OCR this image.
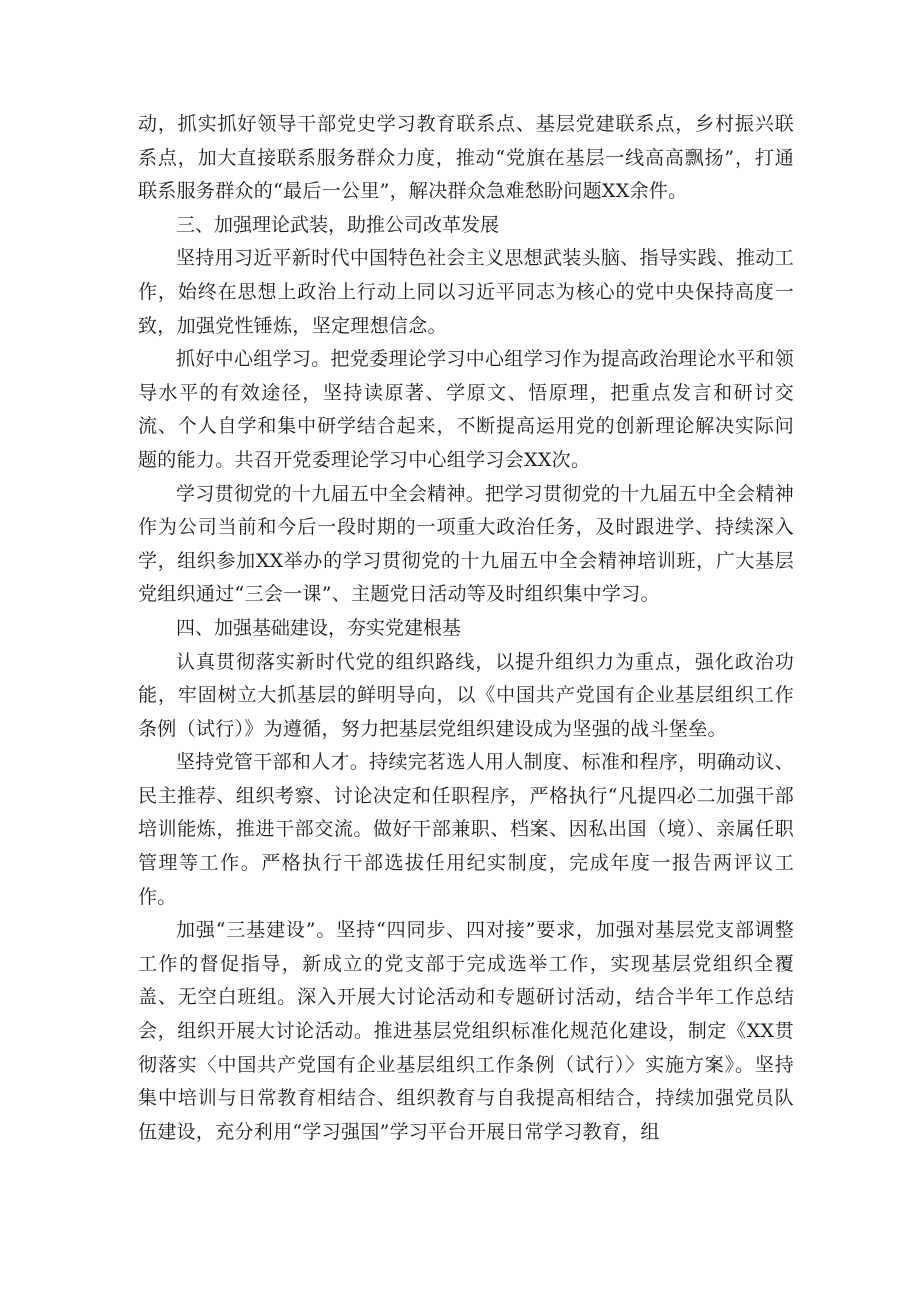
动，抓实抓好领导干部党史学习教育联系点、基层党建联系点，乡村振兴联系点，加大直接联系服务群众力度，推动“党旗在基层一线高高飘扬”，打通联系服务群众的“最后一公里”，解决群众急难愁盼问题XX余件。

三、加强理论武装，助推公司改革发展

坚持用习近平新时代中国特色社会主义思想武装头脑、指导实践、推动工作，始终在思想上政治上行动上同以习近平同志为核心的党中央保持高度一致，加强党性锤炼，坚定理想信念。

抓好中心组学习。把党委理论学习中心组学习作为提高政治理论水平和领导水平的有效途径，坚持读原著、学原文、悟原理，把重点发言和研讨交流、个人自学和集中研学结合起来，不断提高运用党的创新理论解决实际问题的能力。共召开党委理论学习中心组学习会XX次。

学习贯彻党的十九届五中全会精神。把学习贯彻党的十九届五中全会精神作为公司当前和今后一段时期的一项重大政治任务，及时跟进学、持续深入学，组织参加XX举办的学习贯彻党的十九届五中全会精神培训班，广大基层党组织通过“三会一课”、主题党日活动等及时组织集中学习。

四、加强基础建设，夯实党建根基

认真贯彻落实新时代党的组织路线，以提升组织力为重点，强化政治功能，牢固树立大抓基层的鲜明导向，以《中国共产党国有企业基层组织工作条例（试行）》为遵循，努力把基层党组织建设成为坚强的战斗堡垒。

坚持党管干部和人才。持续完茗选人用人制度、标准和程序，明确动议、民主推荐、组织考察、讨论决定和任职程序，严格执行“凡提四必二加强干部培训能炼，推进干部交流。做好干部兼职、档案、因私出国（境）、亲属任职管理等工作。严格执行干部选拔任用纪实制度，完成年度一报告两评议工作。

加强“三基建设”。坚持“四同步、四对接”要求，加强对基层党支部调整工作的督促指导，新成立的党支部于完成选举工作，实现基层党组织全覆盖、无空白班组。深入开展大讨论活动和专题研讨活动，结合半年工作总结会，组织开展大讨论活动。推进基层党组织标准化规范化建设，制定《XX贯彻落实〈中国共产党国有企业基层组织工作条例（试行）〉实施方案》。坚持集中培训与日常教育相结合、组织教育与自我提高相结合，持续加强党员队伍建设，充分利用“学习强国”学习平台开展日常学习教育，组
